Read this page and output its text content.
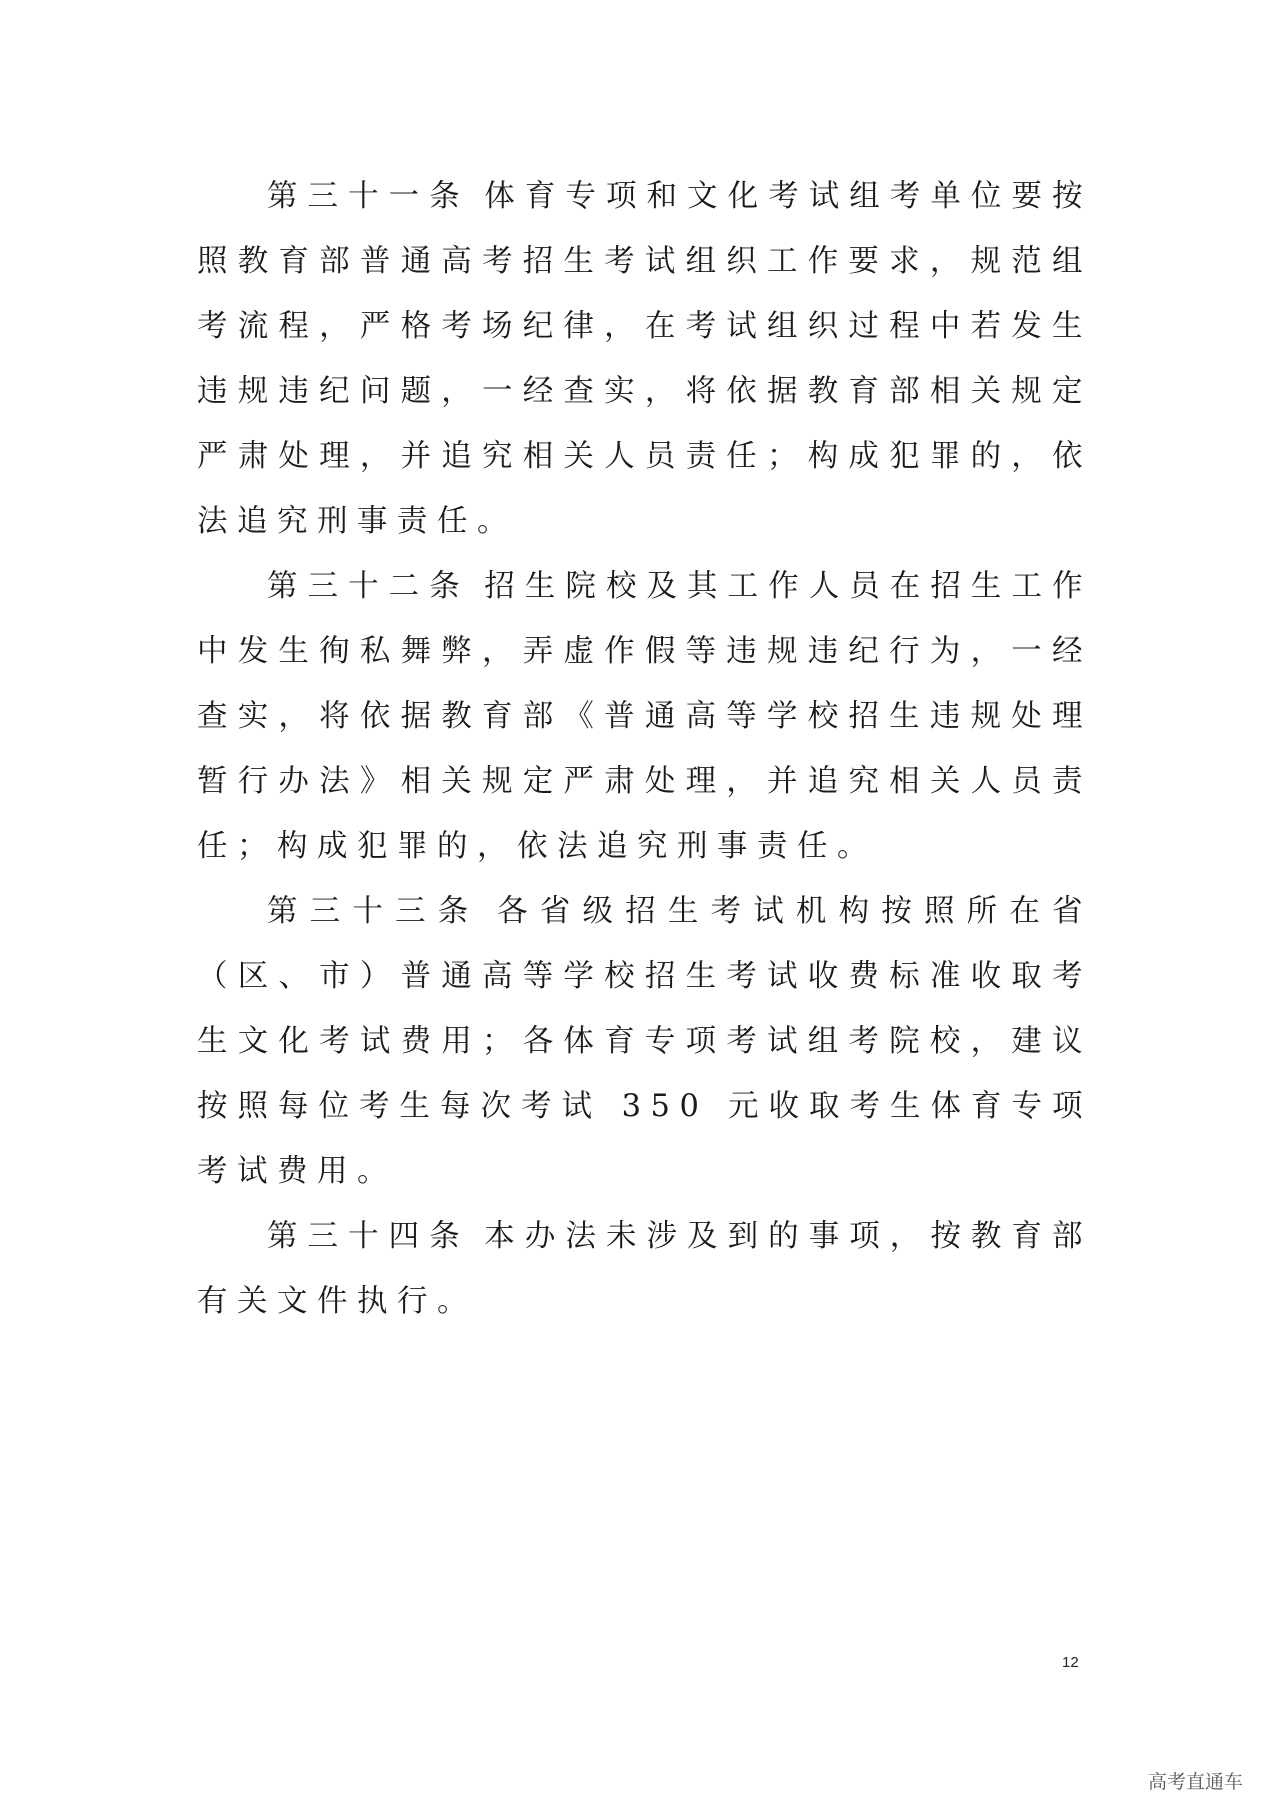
第三十一条 体育专项和文化考试组考单位要按照教育部普通高考招生考试组织工作要求，规范组考流程，严格考场纪律，在考试组织过程中若发生违规违纪问题，一经查实，将依据教育部相关规定严肃处理，并追究相关人员责任；构成犯罪的，依法追究刑事责任。

第三十二条 招生院校及其工作人员在招生工作中发生徇私舞弊，弄虚作假等违规违纪行为，一经查实，将依据教育部《普通高等学校招生违规处理暂行办法》相关规定严肃处理，并追究相关人员责任；构成犯罪的，依法追究刑事责任。

第三十三条 各省级招生考试机构按照所在省（区、市）普通高等学校招生考试收费标准收取考生文化考试费用；各体育专项考试组考院校，建议按照每位考生每次考试 350 元收取考生体育专项考试费用。

第三十四条 本办法未涉及到的事项，按教育部有关文件执行。

12
高考直通车
